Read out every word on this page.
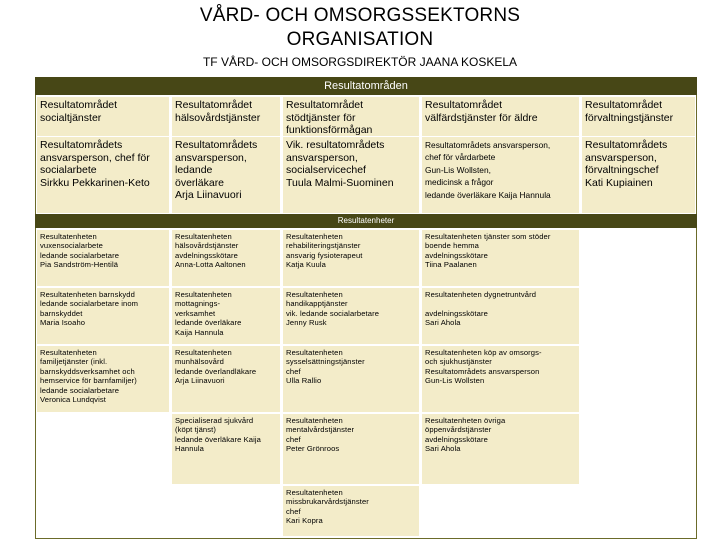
VÅRD- OCH OMSORGSSEKTORNS
ORGANISATION
TF VÅRD- OCH OMSORGSDIREKTÖR JAANA KOSKELA
Resultatområden
Resultatenheter
Resultatområdet
socialtjänster
Resultatområdets
ansvarsperson, chef för
socialarbete
Sirkku Pekkarinen-Keto
Resultatområdet
hälsovårdstjänster
Resultatområdets
ansvarsperson,
ledande
överläkare
Arja Liinavuori
Resultatområdet
stödtjänster för
funktionsförmågan
Vik. resultatområdets
ansvarsperson,
socialservicechef
Tuula Malmi-Suominen
Resultatområdet
välfärdstjänster för äldre
Resultatområdets ansvarsperson,
chef för vårdarbete
Gun-Lis Wollsten,
medicinsk a frågor
ledande överläkare Kaija Hannula
Resultatområdet
förvaltningstjänster
Resultatområdets
ansvarsperson,
förvaltningschef
Kati Kupiainen
Resultatenheten
vuxensocialarbete
ledande socialarbetare
Pia Sandström-Hentilä
Resultatenheten barnskydd
ledande socialarbetare inom
barnskyddet
Maria Isoaho
Resultatenheten
familjetjänster (inkl.
barnskyddsverksamhet och
hemservice för barnfamiljer)
ledande socialarbetare
Veronica Lundqvist
Resultatenheten
hälsovårdstjänster
avdelningsskötare
Anna-Lotta Aaltonen
Resultatenheten
mottagnings-
verksamhet
ledande överläkare
Kaija Hannula
Resultatenheten
munhälsovård
ledande överlandläkare
Arja Liinavuori
Specialiserad sjukvård
(köpt tjänst)
ledande överläkare Kaija
Hannula
Resultatenheten
rehabiliteringstjänster
ansvarig fysioterapeut
Katja Kuula
Resultatenheten
handikapptjänster
vik. ledande socialarbetare
Jenny Rusk
Resultatenheten
sysselsättningstjänster
chef
Ulla Rallio
Resultatenheten
mentalvårdstjänster
chef
Peter Grönroos
Resultatenheten
missbrukarvårdstjänster
chef
Kari Kopra
Resultatenheten tjänster som stöder
boende hemma
avdelningsskötare
Tiina Paalanen
Resultatenheten dygnetruntvård

avdelningsskötare
Sari Ahola
Resultatenheten köp av omsorgs-
och sjukhustjänster
Resultatområdets ansvarsperson
Gun-Lis Wollsten
Resultatenheten övriga
öppenvårdstjänster
avdelningsskötare
Sari Ahola
